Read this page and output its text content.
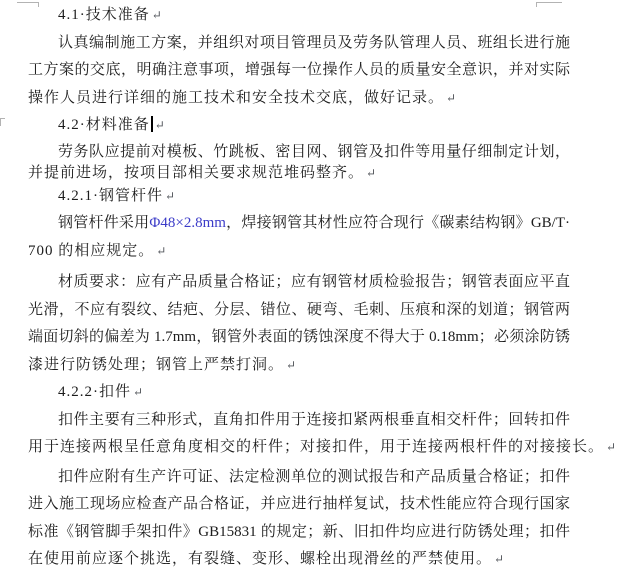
4.1·技术准备 ↵
认真编制施工方案，并组织对项目管理员及劳务队管理人员、班组长进行施
工方案的交底，明确注意事项，增强每一位操作人员的质量安全意识，并对实际
操作人员进行详细的施工技术和安全技术交底，做好记录。 ↵
4.2·材料准备 ↵
劳务队应提前对模板、竹跳板、密目网、钢管及扣件等用量仔细制定计划，
并提前进场，按项目部相关要求规范堆码整齐。 ↵
4.2.1·钢管杆件 ↵
钢管杆件采用Φ48×2.8mm，焊接钢管其材性应符合现行《碳素结构钢》GB/T·
700 的相应规定。 ↵
材质要求：应有产品质量合格证；应有钢管材质检验报告；钢管表面应平直
光滑，不应有裂纹、结疤、分层、错位、硬弯、毛刺、压痕和深的划道；钢管两
端面切斜的偏差为 1.7mm，钢管外表面的锈蚀深度不得大于 0.18mm；必须涂防锈
漆进行防锈处理；钢管上严禁打洞。 ↵
4.2.2·扣件 ↵
扣件主要有三种形式，直角扣件用于连接扣紧两根垂直相交杆件；回转扣件
用于连接两根呈任意角度相交的杆件；对接扣件，用于连接两根杆件的对接接长。 ↵
扣件应附有生产许可证、法定检测单位的测试报告和产品质量合格证；扣件
进入施工现场应检查产品合格证，并应进行抽样复试，技术性能应符合现行国家
标准《钢管脚手架扣件》GB15831 的规定；新、旧扣件均应进行防锈处理；扣件
在使用前应逐个挑选，有裂缝、变形、螺栓出现滑丝的严禁使用。 ↵
